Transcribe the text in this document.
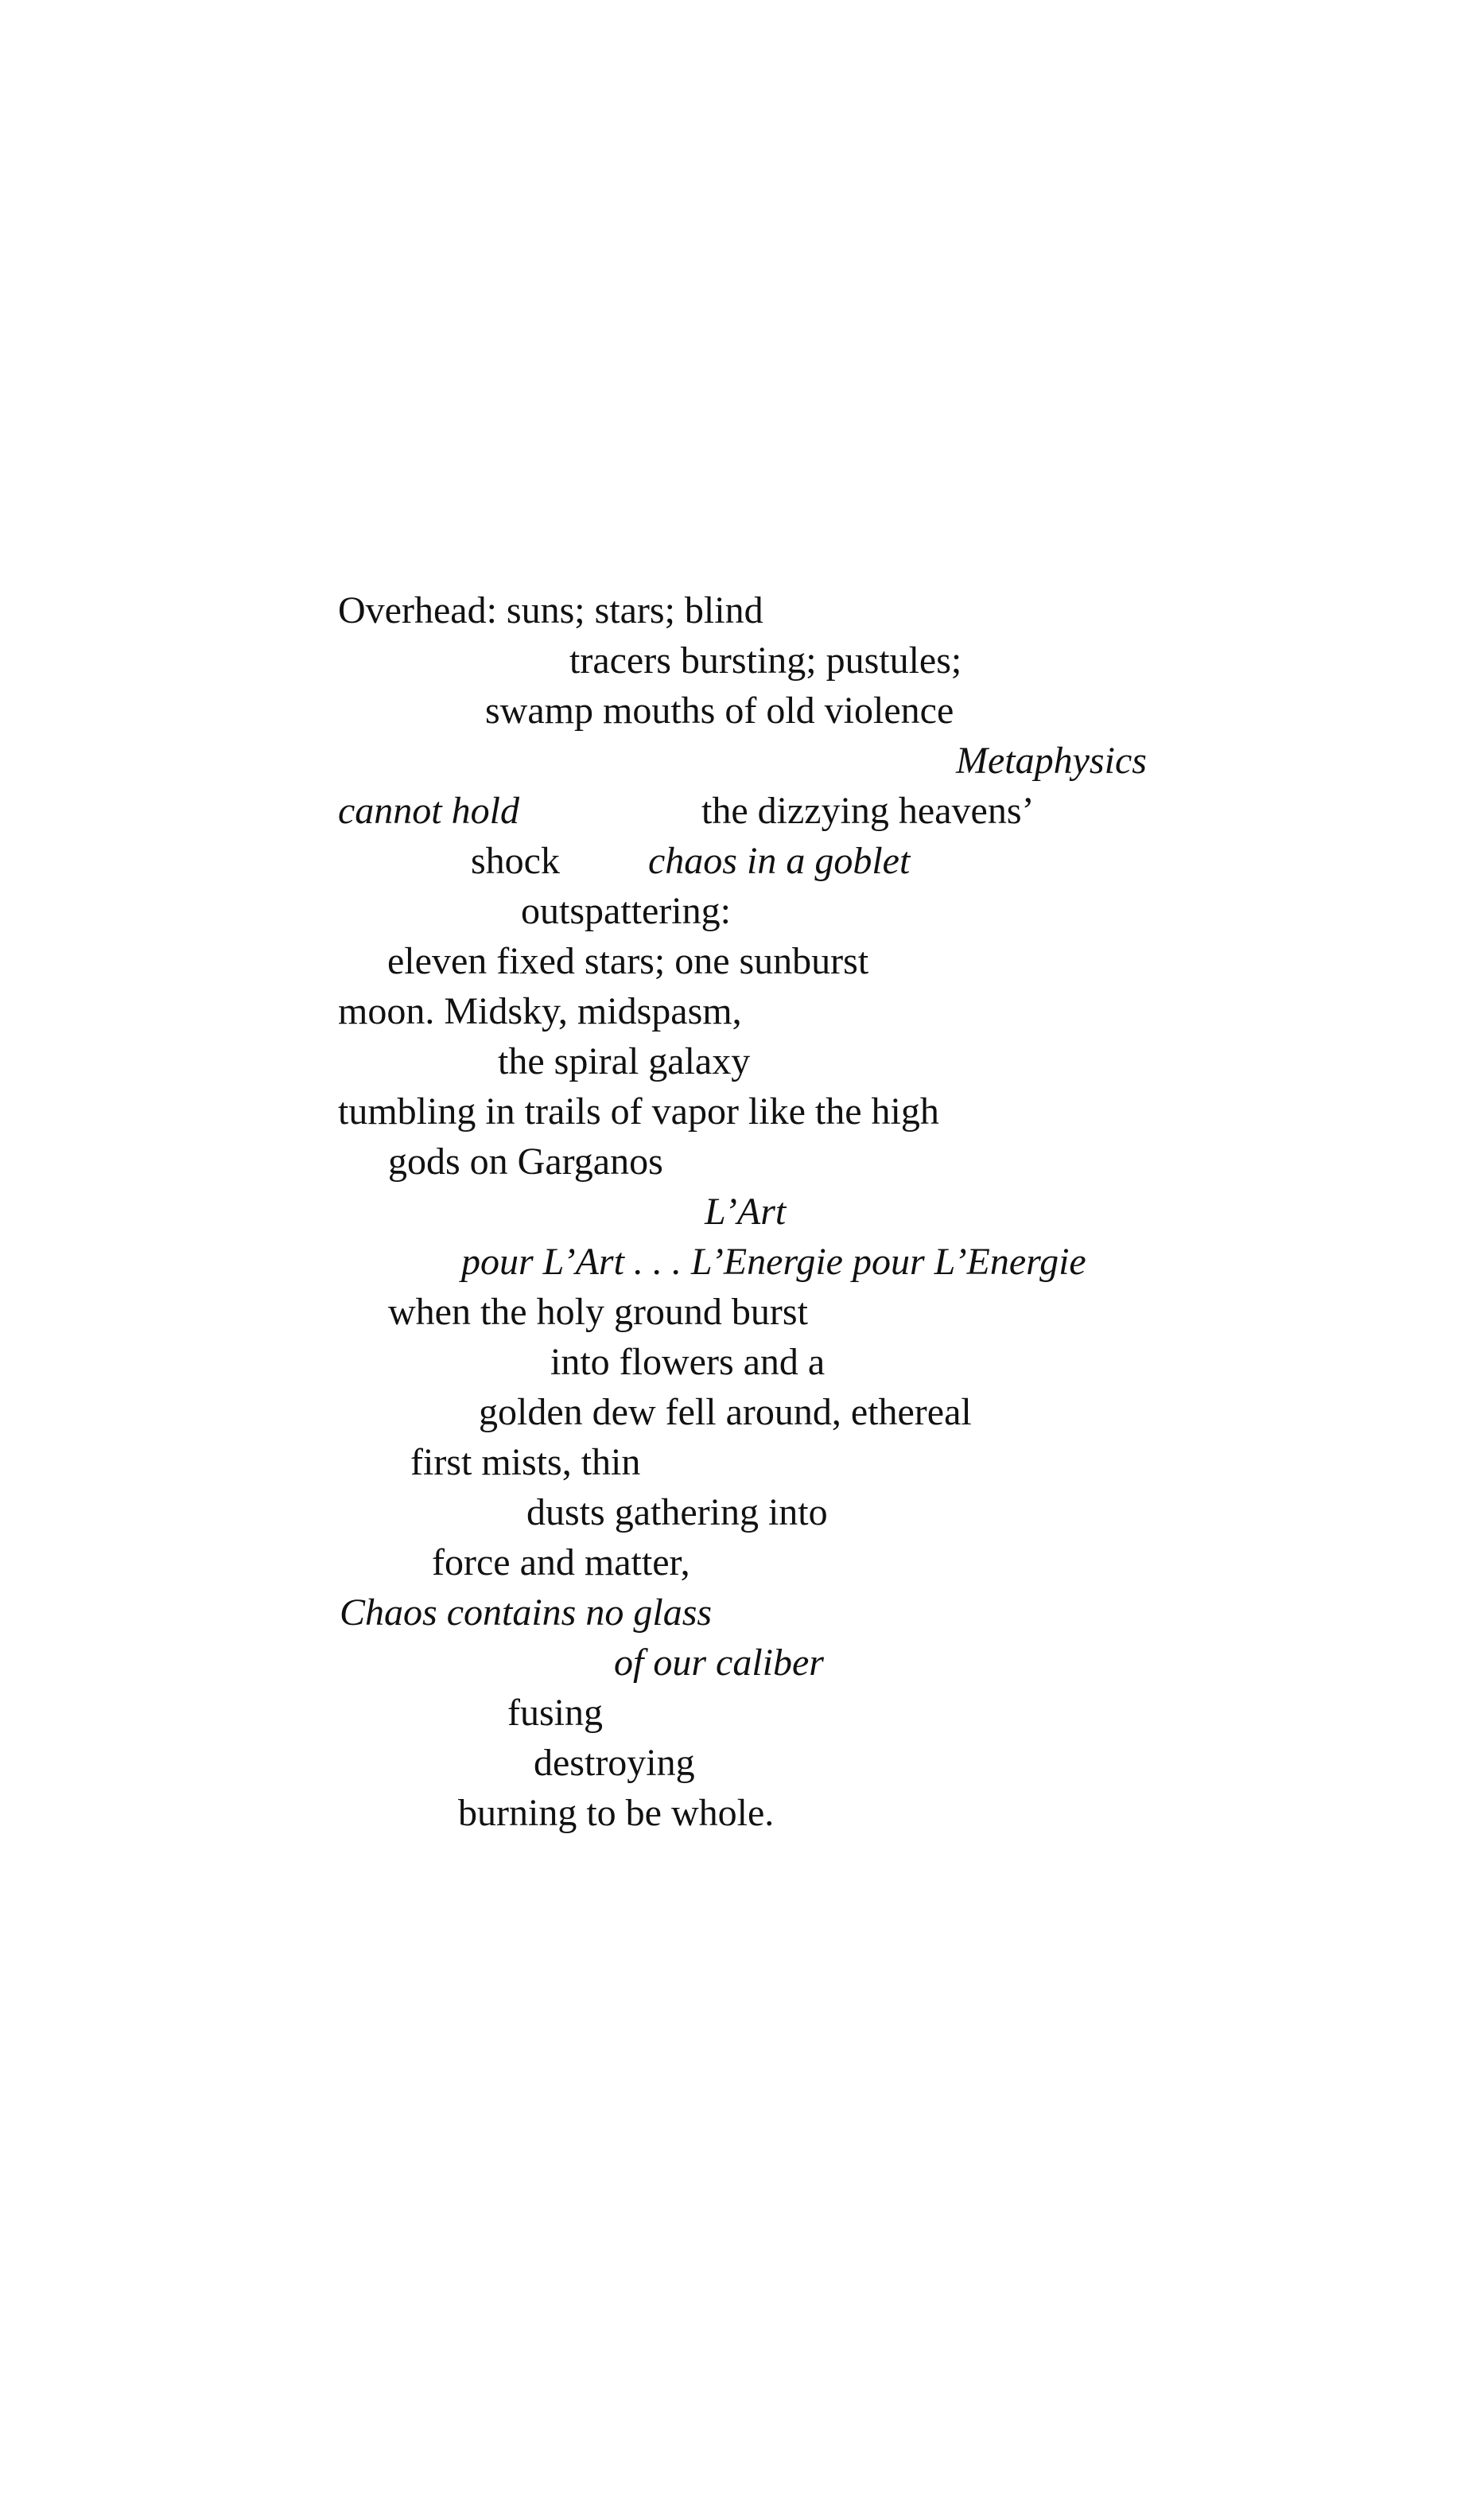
Overhead: suns; stars; blind
tracers bursting; pustules;
swamp mouths of old violence
Metaphysics
cannot hold	the dizzying heavens’
shock chaos in a goblet
outspattering:
eleven fixed stars; one sunburst
moon. Midsky, midspasm,
the spiral galaxy
tumbling in trails of vapor like the high
gods on Garganos
L’Art
pour L’Art . . . L’Energie pour L’Energie
when the holy ground burst
into flowers and a
golden dew fell around, ethereal
first mists, thin
dusts gathering into
force and matter,
Chaos contains no glass
of our caliber
fusing
destroying
burning to be whole.
